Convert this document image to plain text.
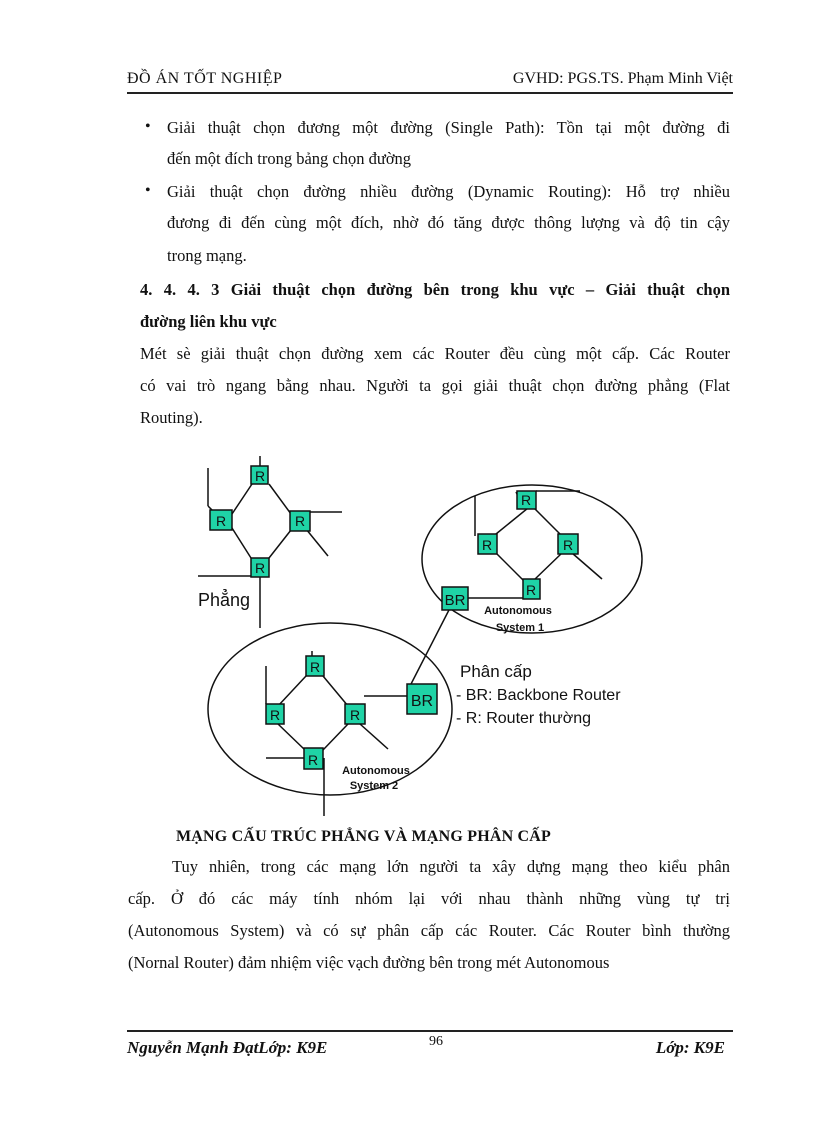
ĐỒ ÁN TỐT NGHIỆP	GVHD: PGS.TS. Phạm Minh Việt
• Giải thuật chọn đương một đường (Single Path): Tồn tại một đường đi
đến một đích trong bảng chọn đường
• Giải thuật chọn đường nhiều đường (Dynamic Routing): Hỗ trợ nhiều
đương đi đến cùng một đích, nhờ đó tăng được thông lượng và độ tin cậy
trong mạng.
4. 4. 4. 3 Giải thuật chọn đường bên trong khu vực – Giải thuật chọn
đường liên khu vực
Mét sè giải thuật chọn đường xem các Router đều cùng một cấp. Các Router
có vai trò ngang bằng nhau. Người ta gọi giải thuật chọn đường phẳng (Flat
Routing).
R
R	R
R
R
R	R
R
R
R	R
R
BR
BR
Phẳng
Autonomous
System 1
Autonomous
System 2
Phân cấp
- BR: Backbone Router
- R: Router thường
MẠNG CẤU TRÚC PHẲNG VÀ MẠNG PHÂN CẤP
Tuy nhiên, trong các mạng lớn người ta xây dựng mạng theo kiểu phân
cấp. Ở đó các máy tính nhóm lại với nhau thành những vùng tự trị
(Autonomous System) và có sự phân cấp các Router. Các Router bình thường
(Nornal Router) đảm nhiệm việc vạch đường bên trong mét Autonomous
Nguyễn Mạnh ĐạtLớp: K9E	96	Lớp: K9E
